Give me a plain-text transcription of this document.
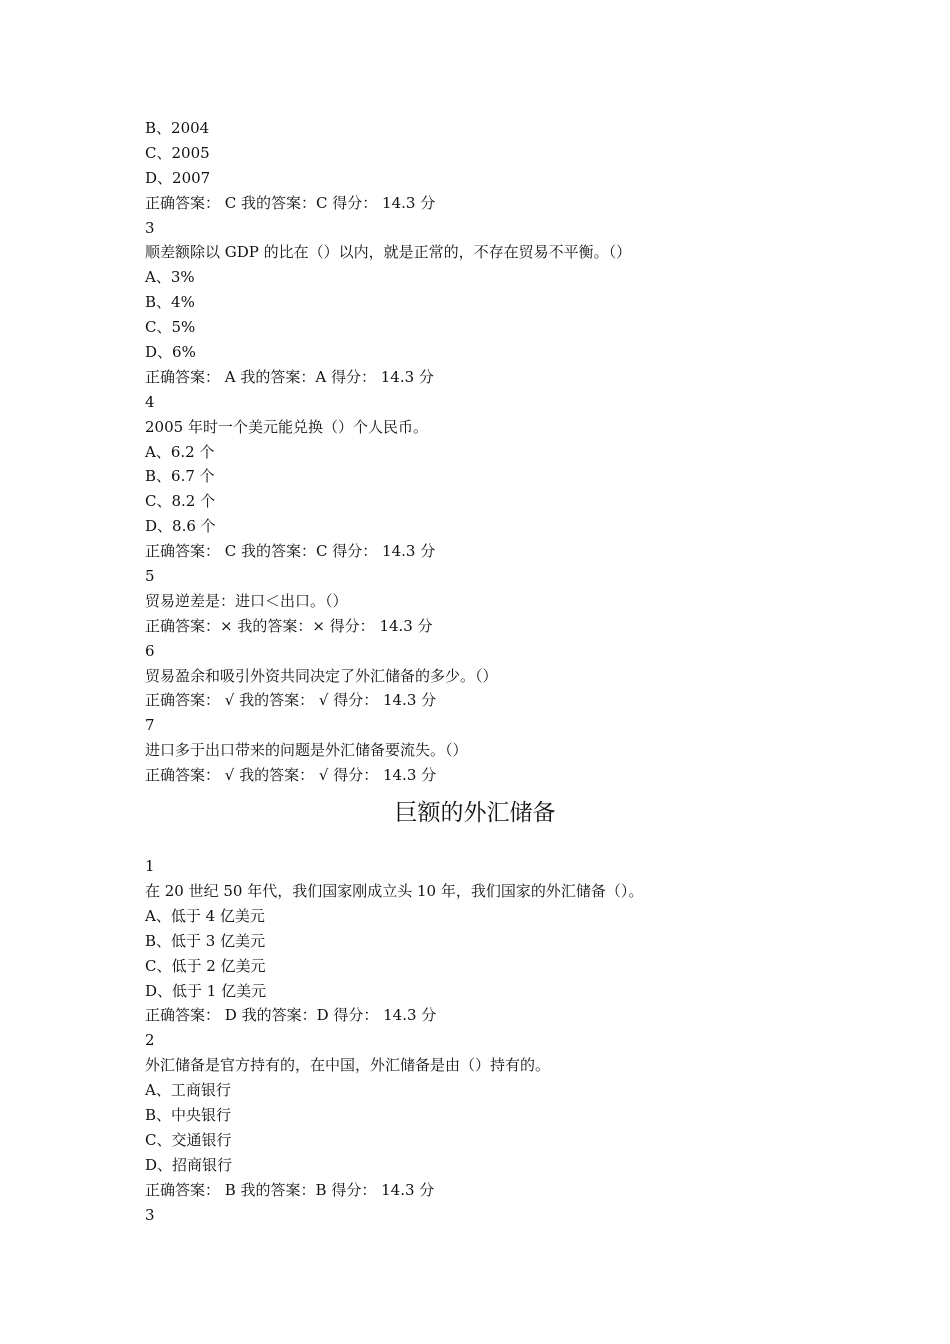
B、2004
C、2005
D、2007
正确答案： C 我的答案：C 得分： 14.3 分
3
顺差额除以 GDP 的比在（）以内，就是正常的，不存在贸易不平衡。（）
A、3%
B、4%
C、5%
D、6%
正确答案： A 我的答案：A 得分： 14.3 分
4
2005 年时一个美元能兑换（）个人民币。
A、6.2 个
B、6.7 个
C、8.2 个
D、8.6 个
正确答案： C 我的答案：C 得分： 14.3 分
5
贸易逆差是：进口＜出口。（）
正确答案：× 我的答案：× 得分： 14.3 分
6
贸易盈余和吸引外资共同决定了外汇储备的多少。（）
正确答案： √ 我的答案： √ 得分： 14.3 分
7
进口多于出口带来的问题是外汇储备要流失。（）
正确答案： √ 我的答案： √ 得分： 14.3 分
巨额的外汇储备
1
在 20 世纪 50 年代，我们国家刚成立头 10 年，我们国家的外汇储备（）。
A、低于 4 亿美元
B、低于 3 亿美元
C、低于 2 亿美元
D、低于 1 亿美元
正确答案： D 我的答案：D 得分： 14.3 分
2
外汇储备是官方持有的，在中国，外汇储备是由（）持有的。
A、工商银行
B、中央银行
C、交通银行
D、招商银行
正确答案： B 我的答案：B 得分： 14.3 分
3
